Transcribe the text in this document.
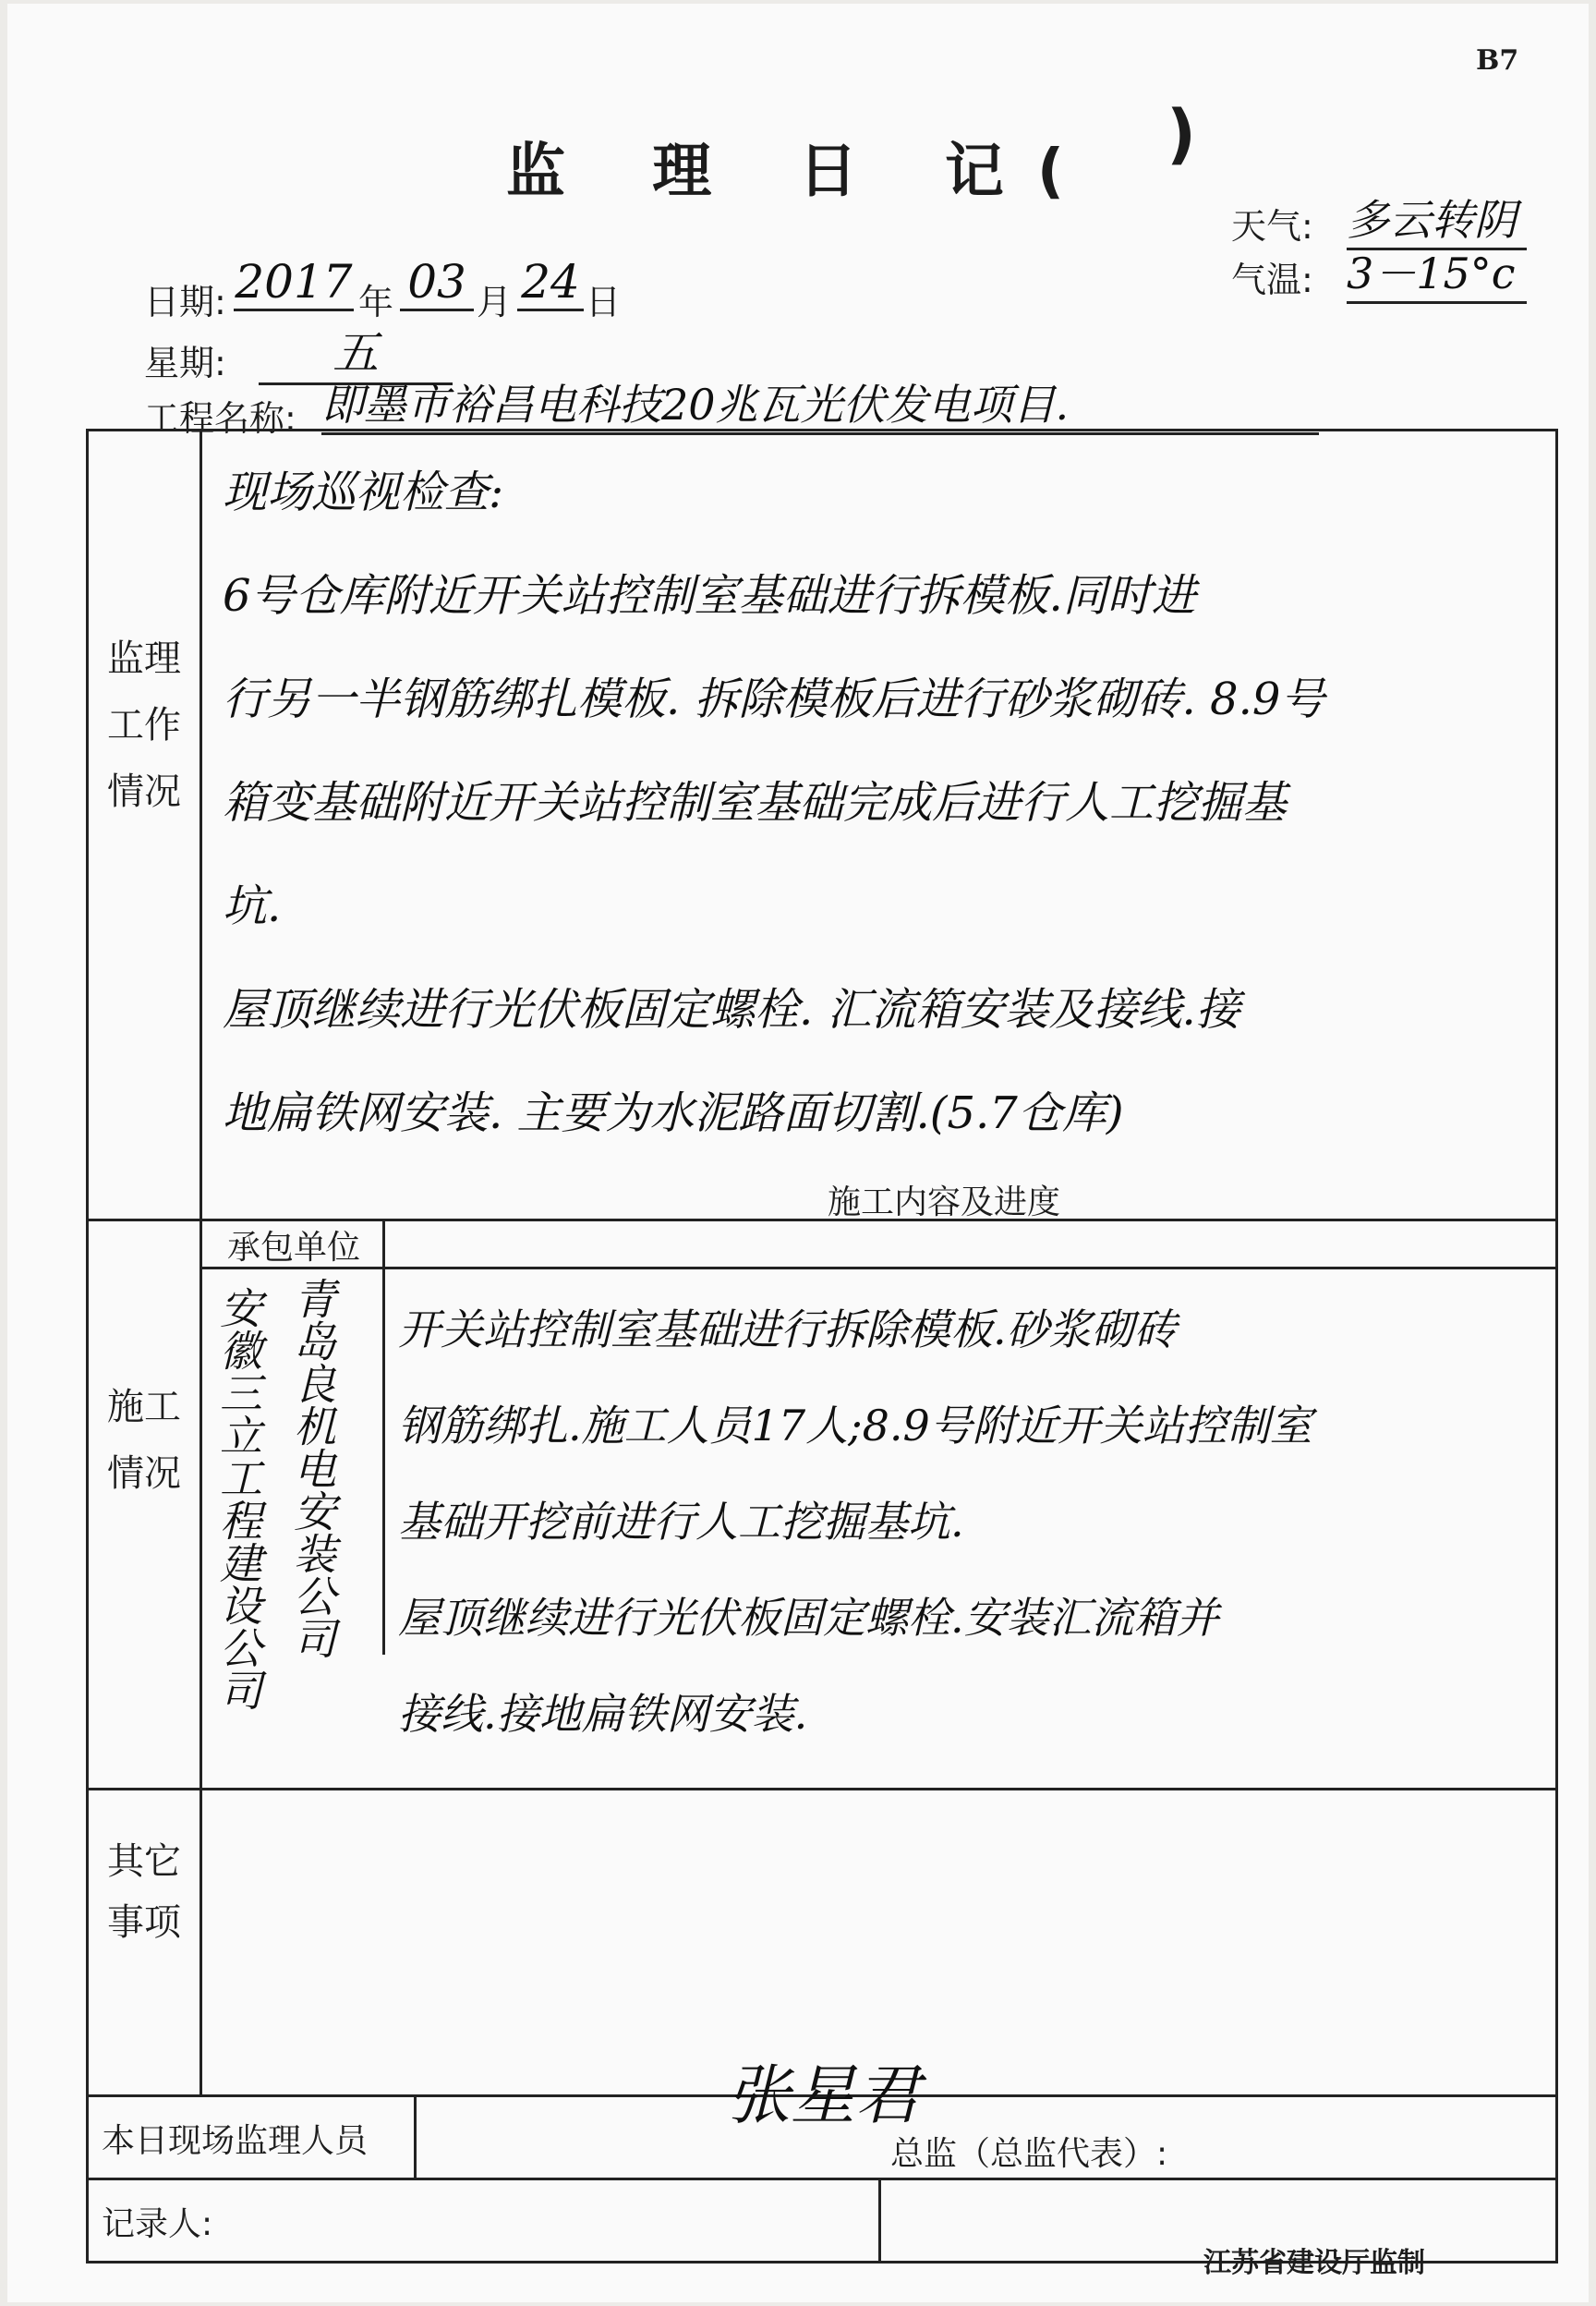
B7
监 理 日 记( )
天气: 多云转阴
气温: 3－15°c
日期: 2017 年 03 月 24 日
星期:	五
工程名称: 即墨市裕昌电科技20兆瓦光伏发电项目.
监理工作情况
现场巡视检查:
6号仓库附近开关站控制室基础进行拆模板.同时进
行另一半钢筋绑扎模板. 拆除模板后进行砂浆砌砖. 8.9号
箱变基础附近开关站控制室基础完成后进行人工挖掘基
坑.
屋顶继续进行光伏板固定螺栓. 汇流箱安装及接线.接
地扁铁网安装. 主要为水泥路面切割.(5.7仓库)
施工情况
承包单位
施工内容及进度
安徽三立工程建设公司 青岛良机电安装公司 开关站控制室基础进行拆除模板.砂浆砌砖
钢筋绑扎.施工人员17人;8.9号附近开关站控制室
基础开挖前进行人工挖掘基坑.
屋顶继续进行光伏板固定螺栓.安装汇流箱并
接线.接地扁铁网安装.
其它事项
本日现场监理人员
张星君
记录人:
总监（总监代表）:
江苏省建设厅监制
